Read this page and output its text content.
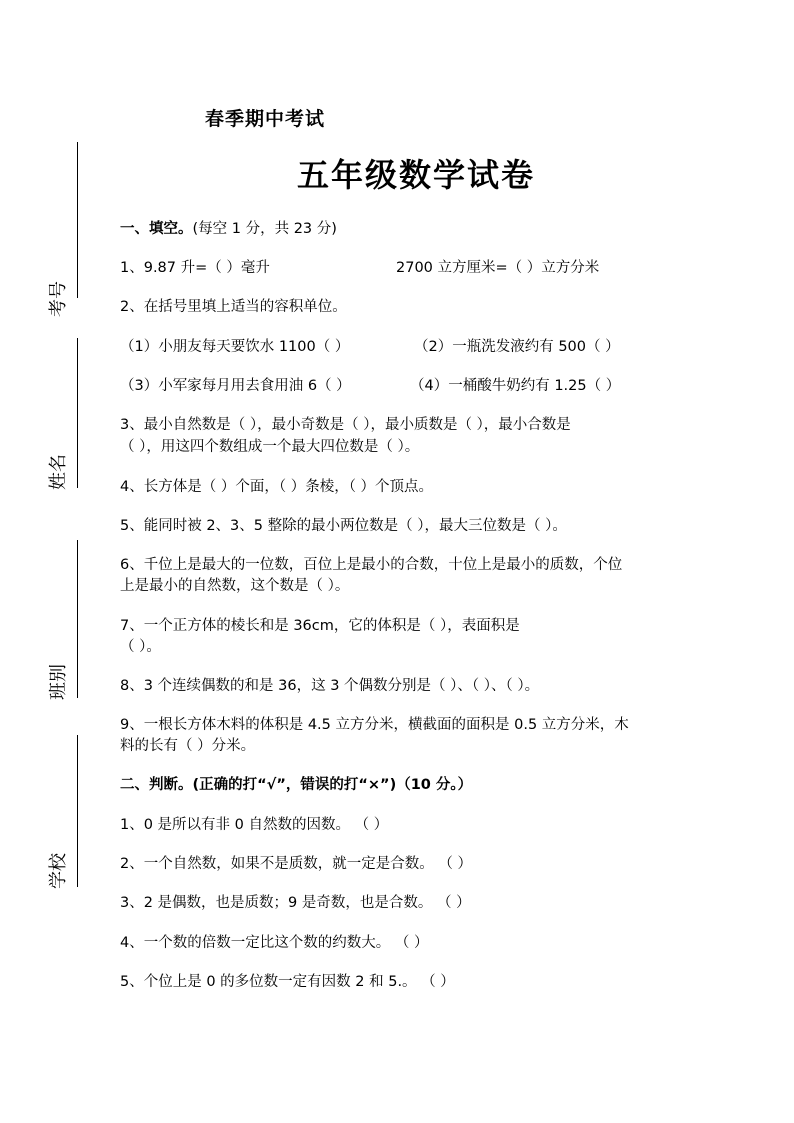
考号
姓名
班别
学校
春季期中考试
五年级数学试卷
一、填空。(每空 1 分，共 23 分)
1、9.87 升=（ ）毫升	2700 立方厘米=（ ）立方分米
2、在括号里填上适当的容积单位。
（1）小朋友每天要饮水 1100（ ）	（2）一瓶洗发液约有 500（ ）
（3）小军家每月用去食用油 6（ ）	（4）一桶酸牛奶约有 1.25（ ）
3、最小自然数是（ ），最小奇数是（ ），最小质数是（ ），最小合数是
（ ），用这四个数组成一个最大四位数是（ ）。
4、长方体是（ ）个面，（ ）条棱，（ ）个顶点。
5、能同时被 2、3、5 整除的最小两位数是（ ），最大三位数是（ ）。
6、千位上是最大的一位数，百位上是最小的合数，十位上是最小的质数，个位
上是最小的自然数，这个数是（ ）。
7、一个正方体的棱长和是 36cm，它的体积是（ ），表面积是
（ ）。
8、3 个连续偶数的和是 36，这 3 个偶数分别是（ ）、（ ）、（ ）。
9、一根长方体木料的体积是 4.5 立方分米，横截面的面积是 0.5 立方分米，木
料的长有（ ）分米。
二、判断。(正确的打“√”，错误的打“×”)（10 分。）
1、0 是所以有非 0 自然数的因数。 （ ）
2、一个自然数，如果不是质数，就一定是合数。 （ ）
3、2 是偶数，也是质数；9 是奇数，也是合数。 （ ）
4、一个数的倍数一定比这个数的约数大。 （ ）
5、个位上是 0 的多位数一定有因数 2 和 5.。 （ ）
